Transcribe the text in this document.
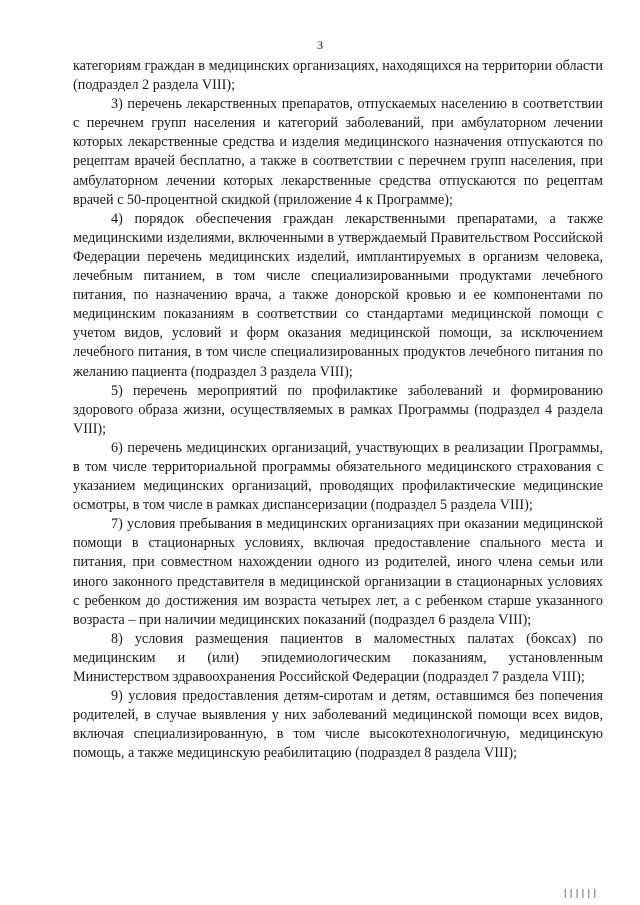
3

категориям граждан в медицинских организациях, находящихся на территории области (подраздел 2 раздела VIII);

3) перечень лекарственных препаратов, отпускаемых населению в соответствии с перечнем групп населения и категорий заболеваний, при амбулаторном лечении которых лекарственные средства и изделия медицинского назначения отпускаются по рецептам врачей бесплатно, а также в соответствии с перечнем групп населения, при амбулаторном лечении которых лекарственные средства отпускаются по рецептам врачей с 50-процентной скидкой (приложение 4 к Программе);

4) порядок обеспечения граждан лекарственными препаратами, а также медицинскими изделиями, включенными в утверждаемый Правительством Российской Федерации перечень медицинских изделий, имплантируемых в организм человека, лечебным питанием, в том числе специализированными продуктами лечебного питания, по назначению врача, а также донорской кровью и ее компонентами по медицинским показаниям в соответствии со стандартами медицинской помощи с учетом видов, условий и форм оказания медицинской помощи, за исключением лечебного питания, в том числе специализированных продуктов лечебного питания по желанию пациента (подраздел 3 раздела VIII);

5) перечень мероприятий по профилактике заболеваний и формированию здорового образа жизни, осуществляемых в рамках Программы (подраздел 4 раздела VIII);

6) перечень медицинских организаций, участвующих в реализации Программы, в том числе территориальной программы обязательного медицинского страхования с указанием медицинских организаций, проводящих профилактические медицинские осмотры, в том числе в рамках диспансеризации (подраздел 5 раздела VIII);

7) условия пребывания в медицинских организациях при оказании медицинской помощи в стационарных условиях, включая предоставление спального места и питания, при совместном нахождении одного из родителей, иного члена семьи или иного законного представителя в медицинской организации в стационарных условиях с ребенком до достижения им возраста четырех лет, а с ребенком старше указанного возраста – при наличии медицинских показаний (подраздел 6 раздела VIII);

8) условия размещения пациентов в маломестных палатах (боксах) по медицинским и (или) эпидемиологическим показаниям, установленным Министерством здравоохранения Российской Федерации (подраздел 7 раздела VIII);

9) условия предоставления детям-сиротам и детям, оставшимся без попечения родителей, в случае выявления у них заболеваний медицинской помощи всех видов, включая специализированную, в том числе высокотехнологичную, медицинскую помощь, а также медицинскую реабилитацию (подраздел 8 раздела VIII);

||||||
